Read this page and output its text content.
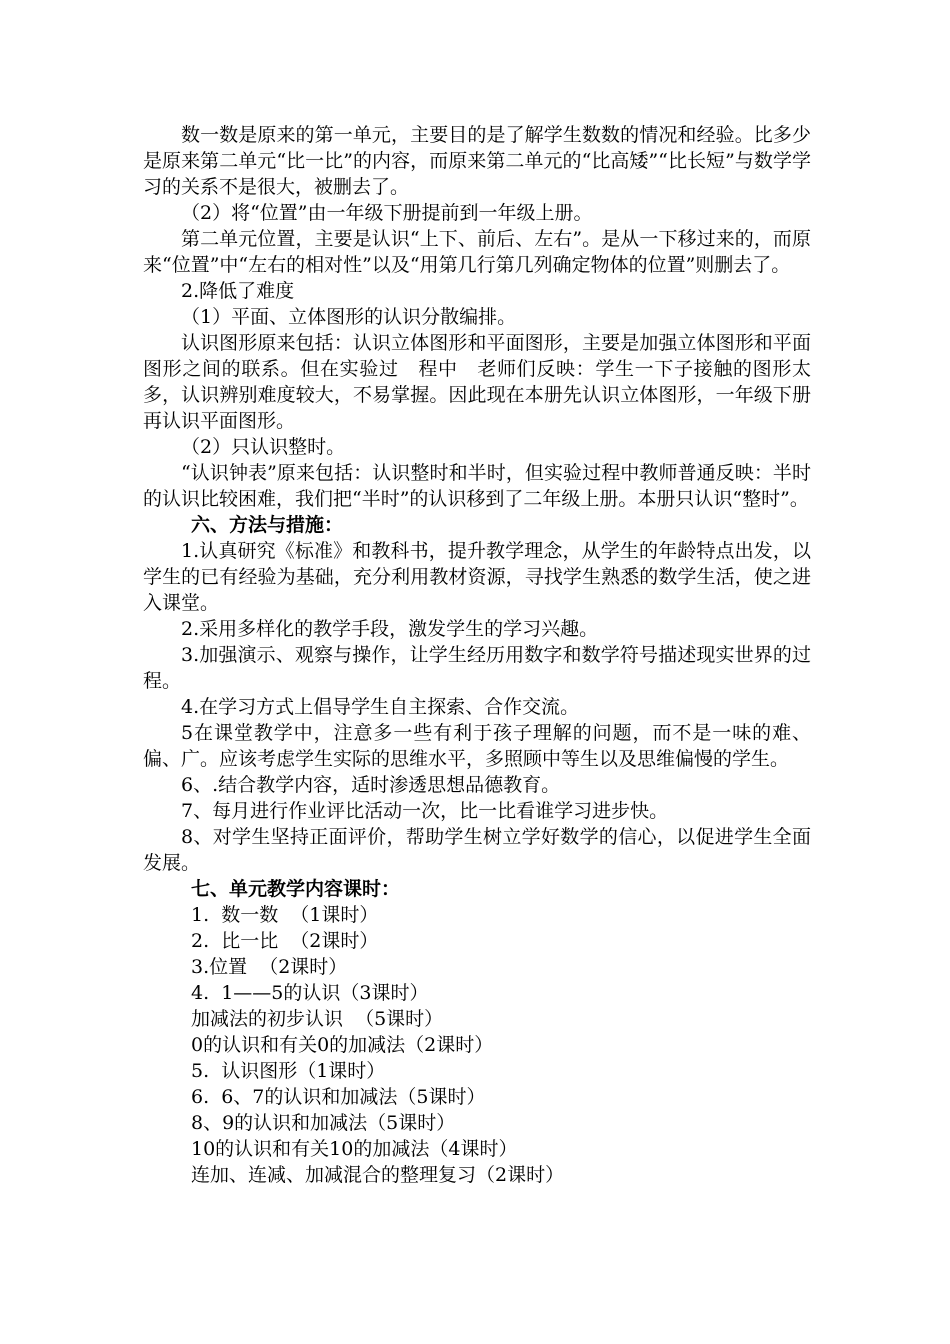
数一数是原来的第一单元，主要目的是了解学生数数的情况和经验。比多少是原来第二单元“比一比”的内容，而原来第二单元的“比高矮”“比长短”与数学学习的关系不是很大，被删去了。

（2）将“位置”由一年级下册提前到一年级上册。

第二单元位置，主要是认识“上下、前后、左右”。是从一下移过来的，而原来“位置”中“左右的相对性”以及“用第几行第几列确定物体的位置”则删去了。

2.降低了难度

（1）平面、立体图形的认识分散编排。

认识图形原来包括：认识立体图形和平面图形，主要是加强立体图形和平面图形之间的联系。但在实验过　程中　老师们反映：学生一下子接触的图形太多，认识辨别难度较大，不易掌握。因此现在本册先认识立体图形，一年级下册再认识平面图形。

（2）只认识整时。

“认识钟表”原来包括：认识整时和半时，但实验过程中教师普通反映：半时的认识比较困难，我们把“半时”的认识移到了二年级上册。本册只认识“整时”。

六、方法与措施：

1.认真研究《标准》和教科书，提升教学理念，从学生的年龄特点出发，以学生的已有经验为基础，充分利用教材资源，寻找学生熟悉的数学生活，使之进入课堂。

2.采用多样化的教学手段，激发学生的学习兴趣。

3.加强演示、观察与操作，让学生经历用数字和数学符号描述现实世界的过程。

4.在学习方式上倡导学生自主探索、合作交流。

5在课堂教学中，注意多一些有利于孩子理解的问题，而不是一味的难、偏、广。应该考虑学生实际的思维水平，多照顾中等生以及思维偏慢的学生。

6、.结合教学内容，适时渗透思想品德教育。

7、每月进行作业评比活动一次，比一比看谁学习进步快。

8、对学生坚持正面评价，帮助学生树立学好数学的信心，以促进学生全面发展。

七、单元教学内容课时：

1.  数一数  （1课时）

2.  比一比  （2课时）

3.位置  （2课时）

4.  1——5的认识（3课时）

加减法的初步认识  （5课时）

0的认识和有关0的加减法（2课时）

5.  认识图形（1课时）

6.  6、7的认识和加减法（5课时）

8、9的认识和加减法（5课时）

10的认识和有关10的加减法（4课时）

连加、连减、加减混合的整理复习（2课时）
